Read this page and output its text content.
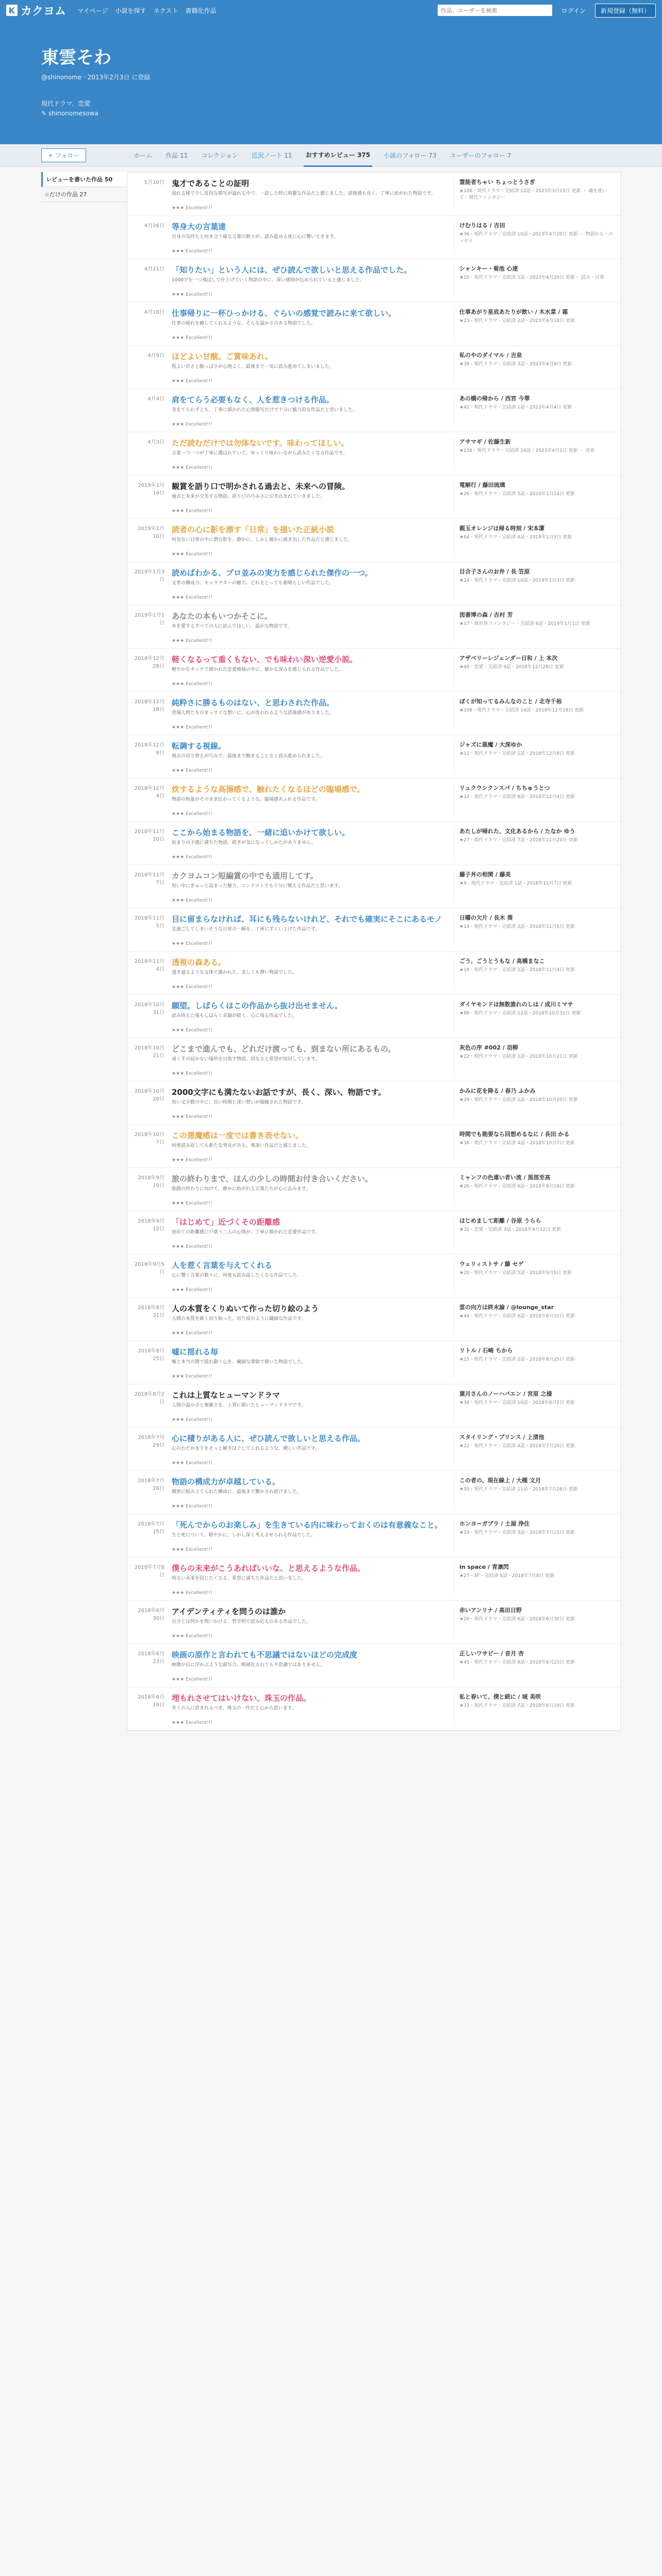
K カクヨム マイページ 小説を探す ネクスト 書籍化作品
作品、ユーザーを検索	ログイン	新規登録（無料）
東雲そわ
@shinonome · 2013年2月3日 に登録
現代ドラマ、恋愛
✎ shinonomesowa
+ フォロー	ホーム	作品 11	コレクション	近況ノート 11	おすすめレビュー 375	小説のフォロー 73	ユーザーのフォロー 7
レビューを書いた作品 50
☆だけの作品 27
5月10日 鬼才であることの証明
流れる様で少し皮肉な描写が溢れる中で、一読した時に綺麗な作品だと感じました。読後感も良く、丁寧に紡がれた物語です。
★★★ Excellent!!!
霊能者ちゃい ちょっとうさぎ
★106・現代ドラマ・完結済 12話・2023年3月15日 更新 ・ 魂を使いて・現代ファンタジー
4月26日 等身大の言葉達
自身の気持ちと向き合う様な言葉の数々が、読み進める度に心に響いてきます。
★★★ Excellent!!!
けむりはる / 吉田
★36・現代ドラマ・完結済 10話・2023年4月20日 更新 ・ 物語から・エッセイ
4月21日 「知りたい」という人には、ぜひ読んで欲しいと思える作品でした。
1000字を一つ飛ばしで仕上げていく物語の中に、深い感情が込められていると感じました。
★★★ Excellent!!!
シャンキー・菊池 心達
★10・現代ドラマ・完結済 1話・2023年4月20日 更新・ 読み・日常
4月18日 仕事帰りに一杯ひっかける、ぐらいの感覚で読みに来て欲しい。
仕事の疲れを癒してくれるような、そんな温かさのある物語でした。
★★★ Excellent!!!
仕事あがり星底あたりが飲い / 木水菜 / 霜
★23・現代ドラマ・完結済 2話・2023年4月18日 更新
4月9日 ほどよい甘酸。ご賞味あれ。
程よい甘さと酸っぱさが心地よく、最後まで一気に読み進めてしまいました。
★★★ Excellent!!!
私のやのダイマル / 吉泉
★38・現代ドラマ・完結済 3話・2023年4月9日 更新
4月4日 肩をてらう必要もなく、人を惹きつける作品。
奇をてらわずとも、丁寧に描かれた心情描写だけで十分に魅力的な作品だと思いました。
★★★ Excellent!!!
あの橋の帰から / 西宮 今華
★42・現代ドラマ・完結済 1話・2023年4月4日 更新
4月3日 ただ読むだけでは勿体ないです。味わってほしい。
言葉一つ一つが丁寧に選ばれていて、ゆっくり味わいながら読みたくなる作品です。
★★★ Excellent!!!
アサマギ / 佐藤生新
★156・現代ドラマ・完結済 19話・2023年4月1日 更新 ・ 青春
2019年1月14日
観賞を語り口で明かされる過去と、未来への冒険。
過去と未来が交差する物語。語り口の巧みさに引き込まれていきました。
★★★ Excellent!!!
電解行 / 藤田琉璃
★26・現代ドラマ・完結済 5話・2019年1月14日 更新
2019年1月10日
読者の心に影を潜す「日常」を描いた正統小説
何気ない日常の中に潜む影を、静かに、しかし確かに描き出した作品だと感じました。
★★★ Excellent!!!
親玉オレンジは帰る時刻 / 宋本潔
★64・現代ドラマ・完結済 4話・2019年1月3日 更新
2019年1月3日
読めばわかる、プロ並みの実力を感じられた傑作の一つ。
文章の構成力、キャラクターの魅力、どれをとっても素晴らしい作品でした。
★★★ Excellent!!!
目合子さんのお弁 / 長 笠原
★24・現代ドラマ・完結済 10話・2019年1月3日 更新
2019年1月1日
あなたの本もいつかそこに。
本を愛するすべての人に読んでほしい、温かな物語です。
★★★ Excellent!!!
図書博の森 / 吉村 芳
★17・異世界ファンタジー・完結済 6話・2019年1月1日 更新
2018年12月28日
軽くなるって重くもない、でも味わい深い逆愛小説。
軽やかなタッチで描かれた恋愛模様の中に、確かな深みを感じられる作品でした。
★★★ Excellent!!!
アザベリーレジェンダー日和 / 上 本次
★40・恋愛・完結済 9話・2018年12月28日 更新
2018年12月18日
純粋さに勝るものはない、と思わされた作品。
登場人物たちのまっすぐな想いに、心が洗われるような読後感がありました。
★★★ Excellent!!!
ぼくが知ってるみんなのこと / 北寺千裕
★106・現代ドラマ・完結済 14話・2018年12月18日 更新
2018年12月8日
転調する視線。
視点の切り替えが巧みで、最後まで飽きることなく読み進められました。
★★★ Excellent!!!
ジャズに悪魔 / 大深ゆか
★11・現代ドラマ・完結済 1話・2018年12月8日 更新
2018年12月4日
炊するような高揚感で、触れたくなるほどの臨場感で。
物語の熱量がそのまま伝わってくるような、臨場感あふれる作品です。
★★★ Excellent!!!
リュクウシクンスパ / ちちゅうとつ
★32・現代ドラマ・完結済 8話・2018年12月4日 更新
2018年11月20日
ここから始まる物語を、一緒に追いかけて欲しい。
始まりの予感に満ちた物語。続きが気になってしかたがありません。
★★★ Excellent!!!
あたしが帰れた、文化あるから / たなか ゆう
★27・現代ドラマ・完結済 7話・2018年11月20日 更新
2018年11月7日
カクヨムコン短編賞の中でも通用してす。
短い中にぎゅっと詰まった魅力。コンテストでも十分に戦える作品だと思います。
★★★ Excellent!!!
藤子丼の相関 / 藤美
★9・現代ドラマ・完結済 1話・2018年11月7日 更新
2018年11月5日
目に留まらなければ、耳にも残らないけれど、それでも確実にそこにあるモノ
見過ごしてしまいそうな日常の一瞬を、丁寧にすくい上げた作品です。
★★★ Excellent!!!
日曜の欠片 / 長木 葵
★14・現代ドラマ・完結済 3話・2018年11月5日 更新
2018年11月4日
透視の森ある。
透き通るような文体で描かれた、美しくも儚い物語でした。
★★★ Excellent!!!
ごう、ごうとうもな / 高橋まなこ
★18・現代ドラマ・完結済 2話・2018年11月4日 更新
2018年10月31日
願望。しばらくはこの作品から抜け出せません。
読み終えた後もしばらく余韻が続く、心に残る作品でした。
★★★ Excellent!!!
ダイヤモンドは無数誰れのしは / 成川ミマサ
★86・現代ドラマ・完結済 12話・2018年10月31日 更新
2018年10月21日
どこまで進んでも、どれだけ渡っても、到まない所にあるもの。
遠く手の届かない場所を目指す物語。切なさと希望が同居しています。
★★★ Excellent!!!
灰色の序 #002 / 羽柳
★12・現代ドラマ・完結済 1話・2018年10月21日 更新
2018年10月20日
2000文字にも満たないお話ですが、長く、深い、物語です。
短い文字数の中に、長い時間と深い想いが凝縮された物語です。
★★★ Excellent!!!
かみに花を降る / 春乃 ふかみ
★29・現代ドラマ・完結済 1話・2018年10月20日 更新
2018年10月7日
この悪魔感は一度では書き表せない。
何度読み返しても新たな発見がある、奥深い作品だと感じました。
★★★ Excellent!!!
時間でも勘要なら回想めるなに / 長田 かる
★36・現代ドラマ・完結済 4話・2018年10月7日 更新
2018年9月19日
旅の終わりまで、ほんの少しの時間お付き合いください。
旅路の終わりに向けて、静かに紡がれる言葉たちが心に沁みます。
★★★ Excellent!!!
ミャンフの色違い者い流 / 黒部至高
★26・現代ドラマ・完結済 6話・2018年9月19日 更新
2018年9月12日
「はじめて」近づくその距離感
初めての距離感に戸惑う二人の心情が、丁寧に描かれた恋愛作品です。
★★★ Excellent!!!
はじめまして距離 / 谷原 うらら
★31・恋愛・完結済 3話・2018年9月12日 更新
2018年9月5日
人を惹く言葉を与えてくれる
心に響く言葉の数々に、何度も読み返したくなる作品でした。
★★★ Excellent!!!
ウェリィストサ / 藤 セゲ
★20・現代ドラマ・完結済 5話・2018年9月5日 更新
2018年8月31日
人の本質をくりぬいて作った切り絵のよう
人間の本質を鋭く切り取った、切り絵のように繊細な作品です。
★★★ Excellent!!!
雲の向方は終末論 / @lounge_star
★44・現代ドラマ・完結済 9話・2018年8月31日 更新
2018年8月25日
嘘に揺れる毎
嘘と本当の間で揺れ動く心を、繊細な筆致で描いた物語でした。
★★★ Excellent!!!
リトル / 石崎 ちから
★15・現代ドラマ・完結済 2話・2018年8月25日 更新
2018年8月2日
これは上質なヒューマンドラマ
人間の温かさと複雑さを、上質に描いたヒューマンドラマです。
★★★ Excellent!!!
葉月さんのノーハバエン / 宮原 之様
★38・現代ドラマ・完結済 10話・2018年8月2日 更新
2018年7月29日
心に積りがある人に、ぜひ読んで欲しいと思える作品。
心のわだかまりをそっと解きほぐしてくれるような、優しい作品です。
★★★ Excellent!!!
スタイリング・プリンス / 上清池
★22・現代ドラマ・完結済 4話・2018年7月29日 更新
2018年7月26日
物語の構成力が卓越している。
緻密に組み立てられた構成に、最後まで驚かされ続けました。
★★★ Excellent!!!
この者の、現在線上 / 大槻 文月
★50・現代ドラマ・完結済 11話・2018年7月26日 更新
2018年7月15日
「死んでからのお楽しみ」を生きている内に味わっておくのは有意義なこと。
生と死について、軽やかに、しかし深く考えさせられる作品でした。
★★★ Excellent!!!
ホンヨーガブラ / 土屋 浄住
★19・現代ドラマ・完結済 3話・2018年7月15日 更新
2018年7月8日
僕らの未来がこうあればいいな、と思えるような作品。
明るい未来を信じたくなる、希望に満ちた作品だと思いました。
★★★ Excellent!!!
in space / 青凛閃
★27・SF・完結済 5話・2018年7月8日 更新
2018年6月30日
アイデンティティを問うのは誰か
自分とは何かを問いかける、哲学的で読み応えのある作品でした。
★★★ Excellent!!!
赤いアンリナ / 高田日野
★20・現代ドラマ・完結済 6話・2018年6月30日 更新
2018年6月23日
映画の原作と言われても不思議ではないほどの完成度
映像が目に浮かぶような描写力。映画化されても不思議ではありません。
★★★ Excellent!!!
正しいワサビー / 音月 杏
★45・現代ドラマ・完結済 8話・2018年6月23日 更新
2018年6月19日
埋もれさせてはいけない、珠玉の作品。
多くの人に読まれるべき、珠玉の一作だと心から思います。
★★★ Excellent!!!
私と春いて、僕と続に / 城 美咲
★33・現代ドラマ・完結済 7話・2018年6月19日 更新
